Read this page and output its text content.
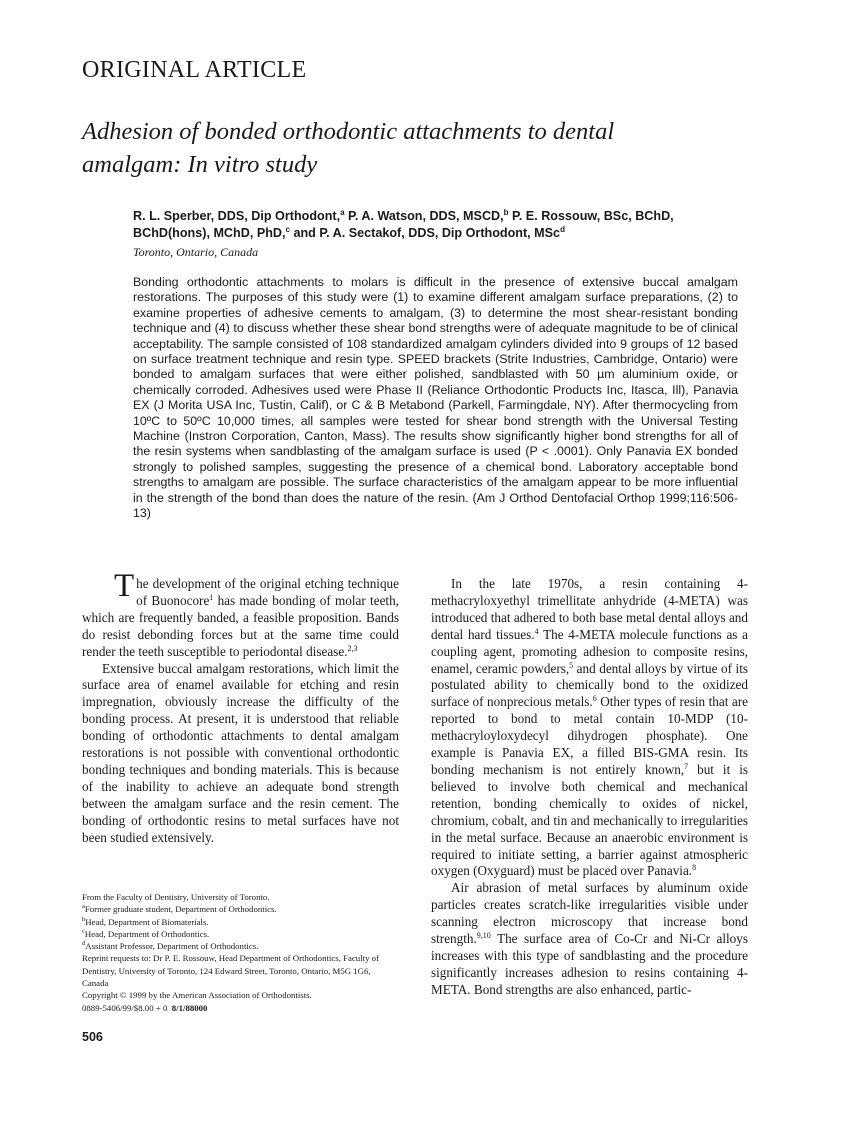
ORIGINAL ARTICLE
Adhesion of bonded orthodontic attachments to dental
amalgam: In vitro study
R. L. Sperber, DDS, Dip Orthodont,$^a$ P. A. Watson, DDS, MSCD,$^b$ P. E. Rossouw, BSc, BChD, BChD(hons), MChD, PhD,$^c$ and P. A. Sectakof, DDS, Dip Orthodont, MSc$^d$
Toronto, Ontario, Canada
Bonding orthodontic attachments to molars is difficult in the presence of extensive buccal amalgam restorations. The purposes of this study were (1) to examine different amalgam surface preparations, (2) to examine properties of adhesive cements to amalgam, (3) to determine the most shear-resistant bonding technique and (4) to discuss whether these shear bond strengths were of adequate magnitude to be of clinical acceptability. The sample consisted of 108 standardized amalgam cylinders divided into 9 groups of 12 based on surface treatment technique and resin type. SPEED brackets (Strite Industries, Cambridge, Ontario) were bonded to amalgam surfaces that were either polished, sandblasted with 50 µm aluminium oxide, or chemically corroded. Adhesives used were Phase II (Reliance Orthodontic Products Inc, Itasca, Ill), Panavia EX (J Morita USA Inc, Tustin, Calif), or C & B Metabond (Parkell, Farmingdale, NY). After thermocycling from 10ºC to 50ºC 10,000 times, all samples were tested for shear bond strength with the Universal Testing Machine (Instron Corporation, Canton, Mass). The results show significantly higher bond strengths for all of the resin systems when sandblasting of the amalgam surface is used (P < .0001). Only Panavia EX bonded strongly to polished samples, suggesting the presence of a chemical bond. Laboratory acceptable bond strengths to amalgam are possible. The surface characteristics of the amalgam appear to be more influential in the strength of the bond than does the nature of the resin. (Am J Orthod Dentofacial Orthop 1999;116:506-13)

The development of the original etching technique of Buonocore$^1$ has made bonding of molar teeth, which are frequently banded, a feasible proposition. Bands do resist debonding forces but at the same time could render the teeth susceptible to periodontal disease.$^{2,3}$

Extensive buccal amalgam restorations, which limit the surface area of enamel available for etching and resin impregnation, obviously increase the difficulty of the bonding process. At present, it is understood that reliable bonding of orthodontic attachments to dental amalgam restorations is not possible with conventional orthodontic bonding techniques and bonding materials. This is because of the inability to achieve an adequate bond strength between the amalgam surface and the resin cement. The bonding of orthodontic resins to metal surfaces have not been studied extensively.

In the late 1970s, a resin containing 4-methacryloxyethyl trimellitate anhydride (4-META) was introduced that adhered to both base metal dental alloys and dental hard tissues.$^4$ The 4-META molecule functions as a coupling agent, promoting adhesion to composite resins, enamel, ceramic powders,$^5$ and dental alloys by virtue of its postulated ability to chemically bond to the oxidized surface of nonprecious metals.$^6$ Other types of resin that are reported to bond to metal contain 10-MDP (10-methacryloyloxydecyl dihydrogen phosphate). One example is Panavia EX, a filled BIS-GMA resin. Its bonding mechanism is not entirely known,$^7$ but it is believed to involve both chemical and mechanical retention, bonding chemically to oxides of nickel, chromium, cobalt, and tin and mechanically to irregularities in the metal surface. Because an anaerobic environment is required to initiate setting, a barrier against atmospheric oxygen (Oxyguard) must be placed over Panavia.$^8$

Air abrasion of metal surfaces by aluminum oxide particles creates scratch-like irregularities visible under scanning electron microscopy that increase bond strength.$^{9,10}$ The surface area of Co-Cr and Ni-Cr alloys increases with this type of sandblasting and the procedure significantly increases adhesion to resins containing 4-META. Bond strengths are also enhanced, partic-

From the Faculty of Dentistry, University of Toronto.
$^a$Former graduate student, Department of Orthodontics.
$^b$Head, Department of Biomaterials.
$^c$Head, Department of Orthodontics.
$^d$Assistant Professor, Department of Orthodontics.
Reprint requests to: Dr P. E. Rossouw, Head Department of Orthodontics, Faculty of Dentistry, University of Toronto, 124 Edward Street, Toronto, Ontario, M5G 1G6, Canada
Copyright © 1999 by the American Association of Orthodontists.
0889-5406/99/$8.00 + 0  8/1/88000
506
